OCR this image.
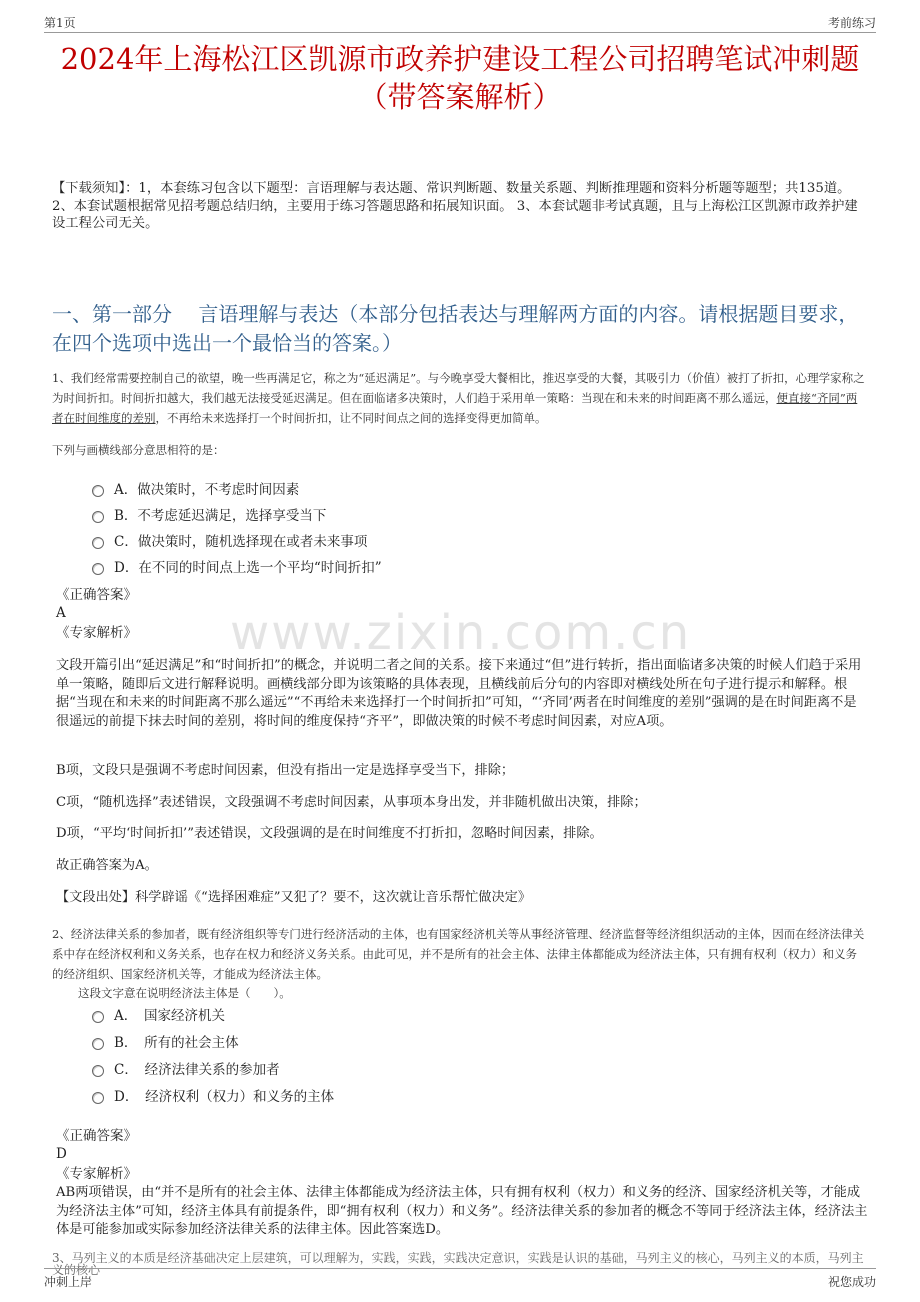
第1页	考前练习
2024年上海松江区凯源市政养护建设工程公司招聘笔试冲刺题
（带答案解析）
【下载须知】：1，本套练习包含以下题型：言语理解与表达题、常识判断题、数量关系题、判断推理题和资料分析题等题型；共135道。 2、本套试题根据常见招考题总结归纳，主要用于练习答题思路和拓展知识面。 3、本套试题非考试真题，且与上海松江区凯源市政养护建设工程公司无关。
一、第一部分　 言语理解与表达（本部分包括表达与理解两方面的内容。请根据题目要求，在四个选项中选出一个最恰当的答案。）
1、我们经常需要控制自己的欲望，晚一些再满足它，称之为“延迟满足”。与今晚享受大餐相比，推迟享受的大餐，其吸引力（价值）被打了折扣，心理学家称之为时间折扣。时间折扣越大，我们越无法接受延迟满足。但在面临诸多决策时，人们趋于采用单一策略：当现在和未来的时间距离不那么遥远，便直接“齐同”两者在时间维度的差别，不再给未来选择打一个时间折扣，让不同时间点之间的选择变得更加简单。
下列与画横线部分意思相符的是：
A．做决策时，不考虑时间因素
B．不考虑延迟满足，选择享受当下
C．做决策时，随机选择现在或者未来事项
D．在不同的时间点上选一个平均“时间折扣”
《正确答案》
A
《专家解析》 www.zixin.com.cn
文段开篇引出“延迟满足”和“时间折扣”的概念，并说明二者之间的关系。接下来通过“但”进行转折，指出面临诸多决策的时候人们趋于采用单一策略，随即后文进行解释说明。画横线部分即为该策略的具体表现，且横线前后分句的内容即对横线处所在句子进行提示和解释。根据“当现在和未来的时间距离不那么遥远”“不再给未来选择打一个时间折扣”可知，“‘齐同’两者在时间维度的差别”强调的是在时间距离不是很遥远的前提下抹去时间的差别，将时间的维度保持“齐平”，即做决策的时候不考虑时间因素，对应A项。
B项，文段只是强调不考虑时间因素，但没有指出一定是选择享受当下，排除；
C项，“随机选择”表述错误，文段强调不考虑时间因素，从事项本身出发，并非随机做出决策，排除；
D项，“平均‘时间折扣’”表述错误，文段强调的是在时间维度不打折扣，忽略时间因素，排除。
故正确答案为A。
【文段出处】科学辟谣《“选择困难症”又犯了？要不，这次就让音乐帮忙做决定》
2、经济法律关系的参加者，既有经济组织等专门进行经济活动的主体，也有国家经济机关等从事经济管理、经济监督等经济组织活动的主体，因而在经济法律关系中存在经济权利和义务关系，也存在权力和经济义务关系。由此可见，并不是所有的社会主体、法律主体都能成为经济法主体，只有拥有权利（权力）和义务的经济组织、国家经济机关等，才能成为经济法主体。
这段文字意在说明经济法主体是（　　）。
A．　国家经济机关
B．　所有的社会主体
C．　经济法律关系的参加者
D．　经济权利（权力）和义务的主体
《正确答案》
D
《专家解析》
AB两项错误，由“并不是所有的社会主体、法律主体都能成为经济法主体，只有拥有权利（权力）和义务的经济、国家经济机关等，才能成为经济法主体”可知，经济主体具有前提条件，即“拥有权利（权力）和义务”。经济法律关系的参加者的概念不等同于经济法主体，经济法主体是可能参加或实际参加经济法律关系的法律主体。因此答案选D。
3、马列主义的本质是经济基础决定上层建筑，可以理解为，实践，实践，实践决定意识，实践是认识的基础，马列主义的核心，马列主义的本质，马列主义的核心
冲刺上岸	祝您成功
